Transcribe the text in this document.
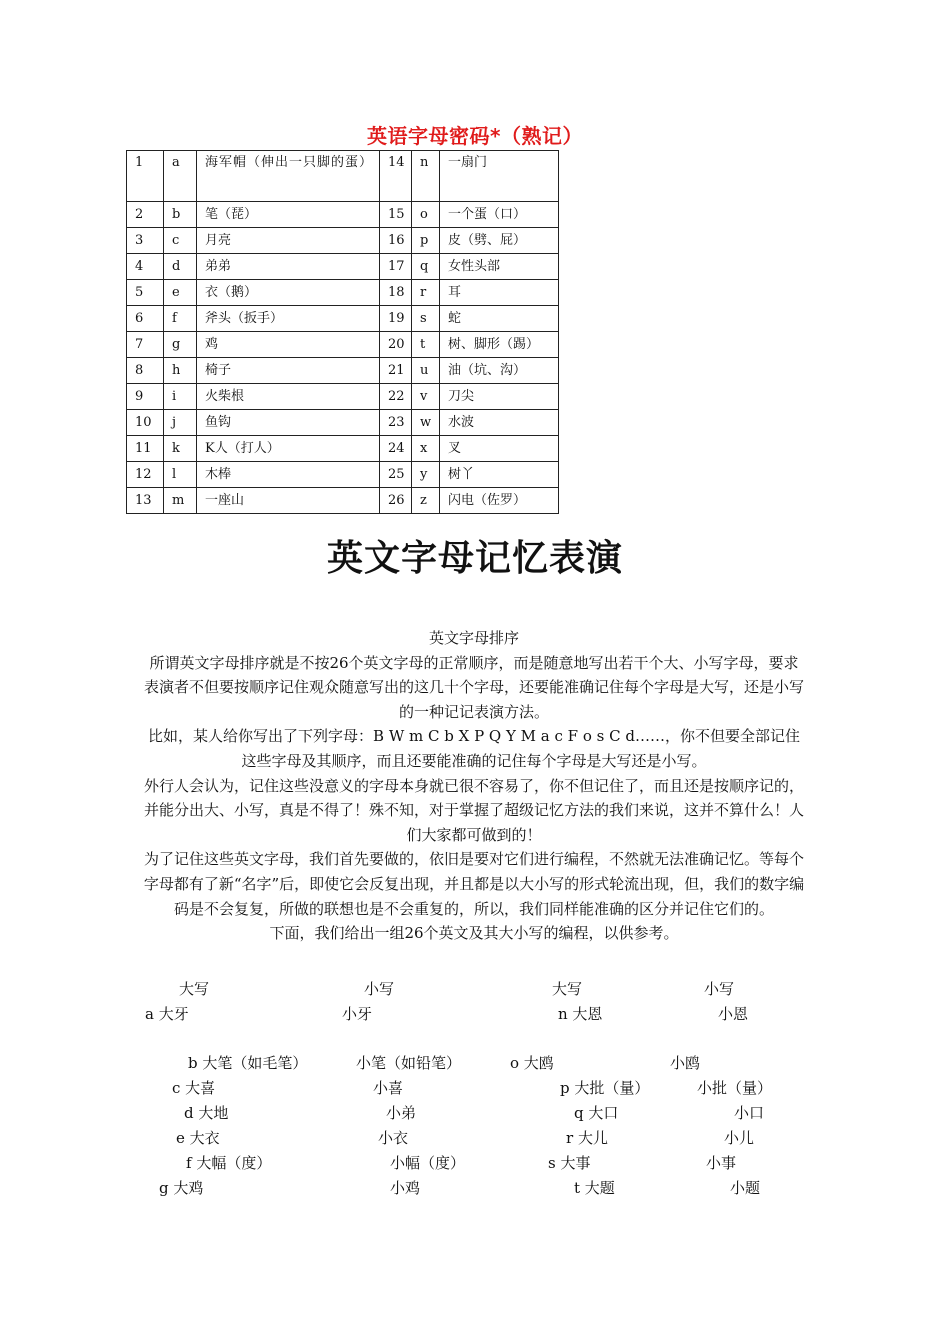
英语字母密码*（熟记）
1	a	海军帽（伸出一只脚的蛋）	14	n	一扇门
2	b	笔（琵）	15	o	一个蛋（口）
3	c	月亮	16	p	皮（劈、屁）
4	d	弟弟	17	q	女性头部
5	e	衣（鹅）	18	r	耳
6	f	斧头（扳手）	19	s	蛇
7	g	鸡	20	t	树、脚形（踢）
8	h	椅子	21	u	油（坑、沟）
9	i	火柴根	22	v	刀尖
10	j	鱼钩	23	w	水波
11	k	K人（打人）	24	x	叉
12	l	木棒	25	y	树丫
13	m	一座山	26	z	闪电（佐罗）
英文字母记忆表演

英文字母排序

所谓英文字母排序就是不按26个英文字母的正常顺序，而是随意地写出若干个大、小写字母，要求表演者不但要按顺序记住观众随意写出的这几十个字母，还要能准确记住每个字母是大写，还是小写的一种记记表演方法。

比如，某人给你写出了下列字母：B W m C b X P Q Y M a c F o s C d……，你不但要全部记住这些字母及其顺序，而且还要能准确的记住每个字母是大写还是小写。

外行人会认为，记住这些没意义的字母本身就已很不容易了，你不但记住了，而且还是按顺序记的，并能分出大、小写，真是不得了！殊不知，对于掌握了超级记忆方法的我们来说，这并不算什么！人们大家都可做到的！

为了记住这些英文字母，我们首先要做的，依旧是要对它们进行编程，不然就无法准确记忆。等每个字母都有了新“名字”后，即使它会反复出现，并且都是以大小写的形式轮流出现，但，我们的数字编码是不会复复，所做的联想也是不会重复的，所以，我们同样能准确的区分并记住它们的。

下面，我们给出一组26个英文及其大小写的编程，以供参考。

大写	小写	大写	小写
a 大牙	小牙	n 大恩	小恩
b 大笔（如毛笔）	小笔（如铅笔）	o 大鸥	小鸥
c 大喜	小喜	p 大批（量）	小批（量）
d 大地	小弟	q 大口	小口
e 大衣	小衣	r 大儿	小儿
f 大幅（度）	小幅（度）	s 大事	小事
g 大鸡	小鸡	t 大题	小题
